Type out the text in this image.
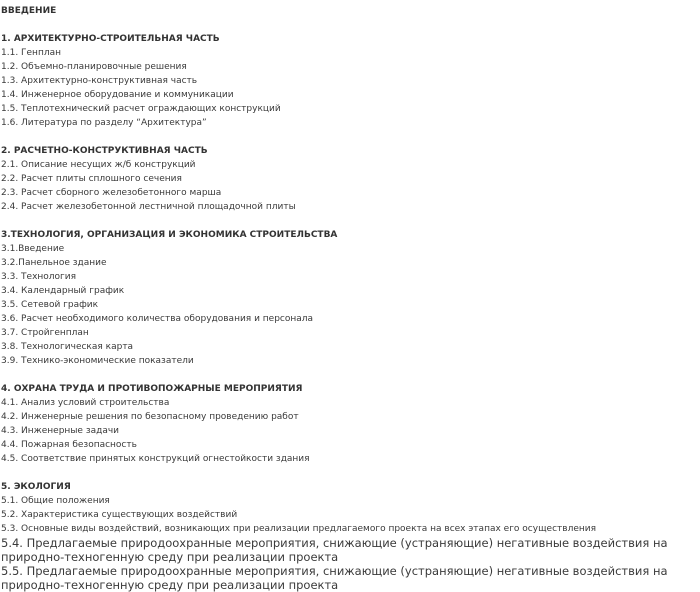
ВВЕДЕНИЕ
1. АРХИТЕКТУРНО-СТРОИТЕЛЬНАЯ ЧАСТЬ
1.1. Генплан
1.2. Объемно-планировочные решения
1.3. Архитектурно-конструктивная часть
1.4. Инженерное оборудование и коммуникации
1.5. Теплотехнический расчет ограждающих конструкций
1.6. Литература по разделу “Архитектура”
2. РАСЧЕТНО-КОНСТРУКТИВНАЯ ЧАСТЬ
2.1. Описание несущих ж/б конструкций
2.2. Расчет плиты сплошного сечения
2.3. Расчет сборного железобетонного марша
2.4. Расчет железобетонной лестничной площадочной плиты
3.ТЕХНОЛОГИЯ, ОРГАНИЗАЦИЯ И ЭКОНОМИКА СТРОИТЕЛЬСТВА
3.1.Введение
3.2.Панельное здание
3.3. Технология
3.4. Календарный график
3.5. Сетевой график
3.6. Расчет необходимого количества оборудования и персонала
3.7. Стройгенплан
3.8. Технологическая карта
3.9. Технико-экономические показатели
4. ОХРАНА ТРУДА И ПРОТИВОПОЖАРНЫЕ МЕРОПРИЯТИЯ
4.1. Анализ условий строительства
4.2. Инженерные решения по безопасному проведению работ
4.3. Инженерные задачи
4.4. Пожарная безопасность
4.5. Соответствие принятых конструкций огнестойкости здания
5. ЭКОЛОГИЯ
5.1. Общие положения
5.2. Характеристика существующих воздействий
5.3. Основные виды воздействий, возникающих при реализации предлагаемого проекта на всех этапах его осуществления
5.4. Предлагаемые природоохранные мероприятия, снижающие (устраняющие) негативные воздействия на природно-техногенную среду при реализации проекта
5.5. Предлагаемые природоохранные мероприятия, снижающие (устраняющие) негативные воздействия на природно-техногенную среду при реализации проекта
